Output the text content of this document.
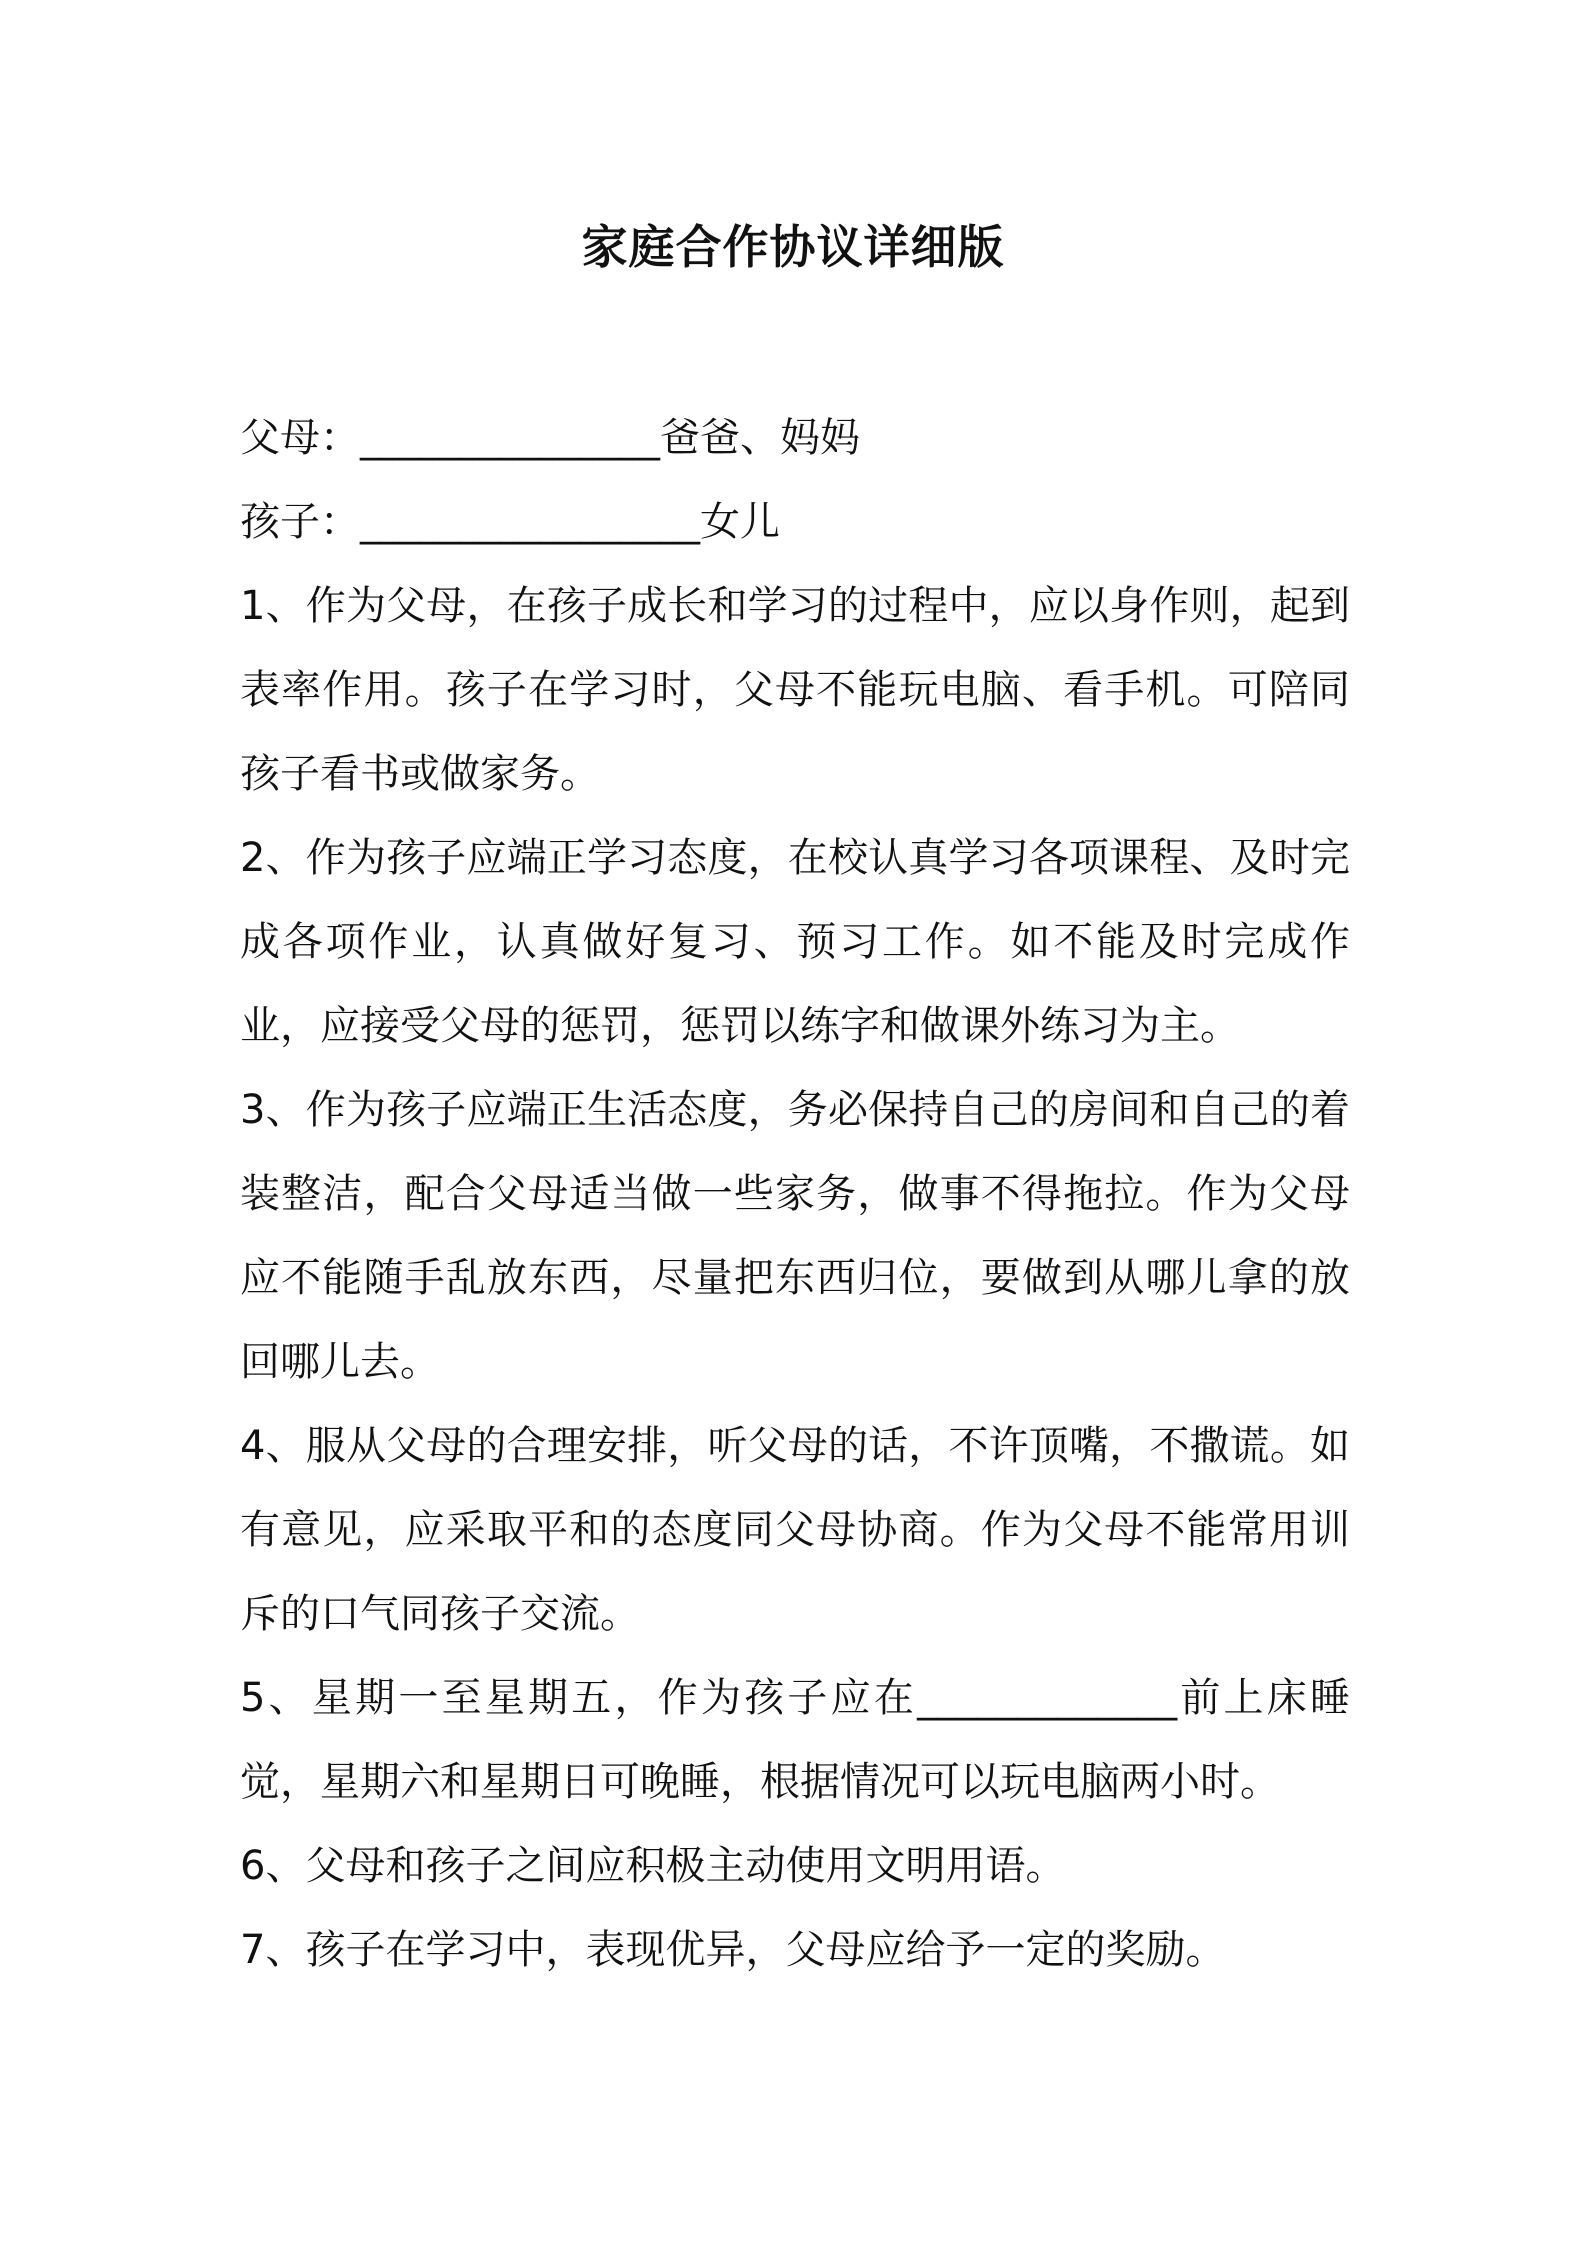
家庭合作协议详细版

父母：_______________爸爸、妈妈

孩子：_________________女儿

1、作为父母，在孩子成长和学习的过程中，应以身作则，起到表率作用。孩子在学习时，父母不能玩电脑、看手机。可陪同孩子看书或做家务。

2、作为孩子应端正学习态度，在校认真学习各项课程、及时完成各项作业，认真做好复习、预习工作。如不能及时完成作业，应接受父母的惩罚，惩罚以练字和做课外练习为主。

3、作为孩子应端正生活态度，务必保持自己的房间和自己的着装整洁，配合父母适当做一些家务，做事不得拖拉。作为父母应不能随手乱放东西，尽量把东西归位，要做到从哪儿拿的放回哪儿去。

4、服从父母的合理安排，听父母的话，不许顶嘴，不撒谎。如有意见，应采取平和的态度同父母协商。作为父母不能常用训斥的口气同孩子交流。

5、星期一至星期五，作为孩子应在_____________前上床睡觉，星期六和星期日可晚睡，根据情况可以玩电脑两小时。

6、父母和孩子之间应积极主动使用文明用语。

7、孩子在学习中，表现优异，父母应给予一定的奖励。
